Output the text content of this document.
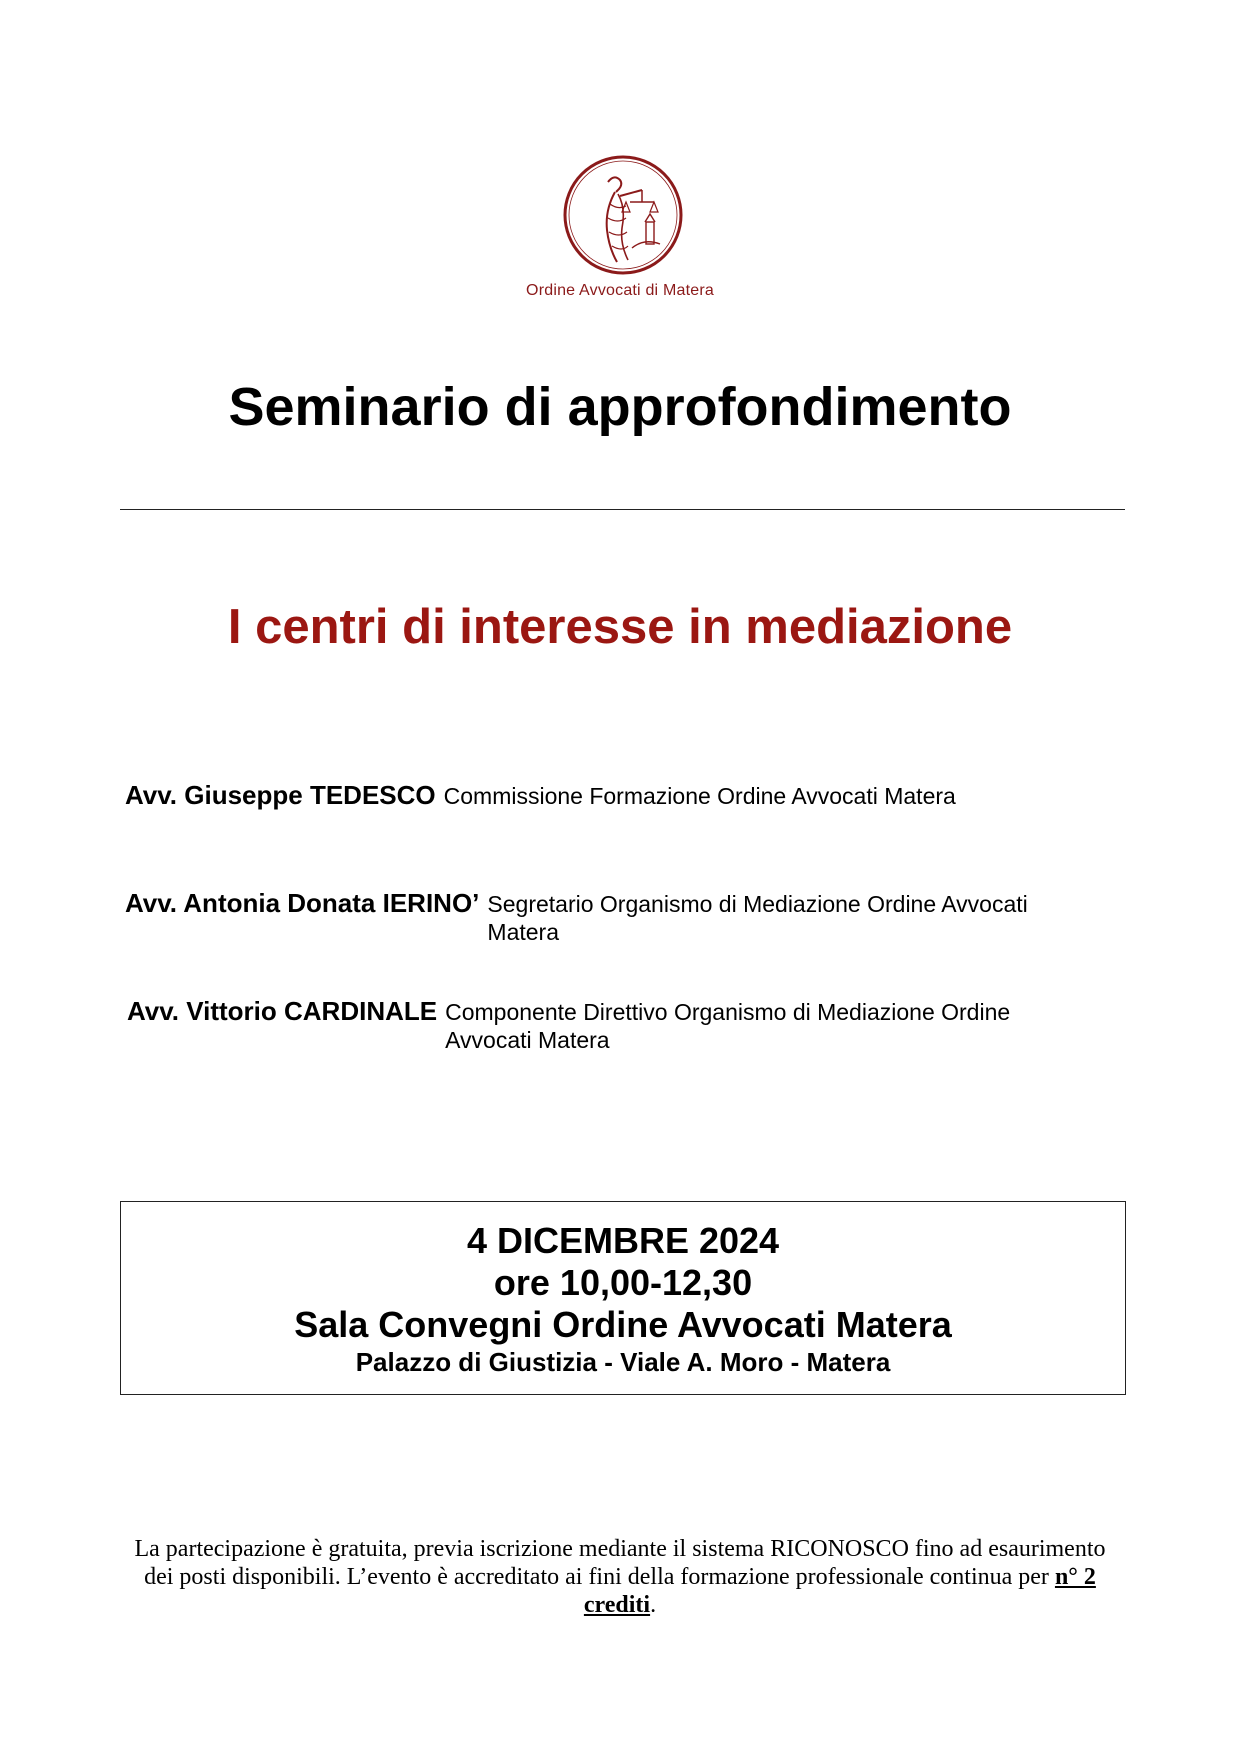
Ordine Avvocati di Matera
Seminario di approfondimento
I centri di interesse in mediazione
Avv. Giuseppe TEDESCO Commissione Formazione Ordine Avvocati Matera
Avv. Antonia Donata IERINO’ Segretario Organismo di Mediazione Ordine Avvocati Matera
Avv. Vittorio CARDINALE Componente Direttivo Organismo di Mediazione Ordine Avvocati Matera
4 DICEMBRE 2024
ore 10,00-12,30
Sala Convegni Ordine Avvocati Matera
Palazzo di Giustizia - Viale A. Moro - Matera
La partecipazione è gratuita, previa iscrizione mediante il sistema RICONOSCO fino ad esaurimento dei posti disponibili. L’evento è accreditato ai fini della formazione professionale continua per n° 2 crediti.
